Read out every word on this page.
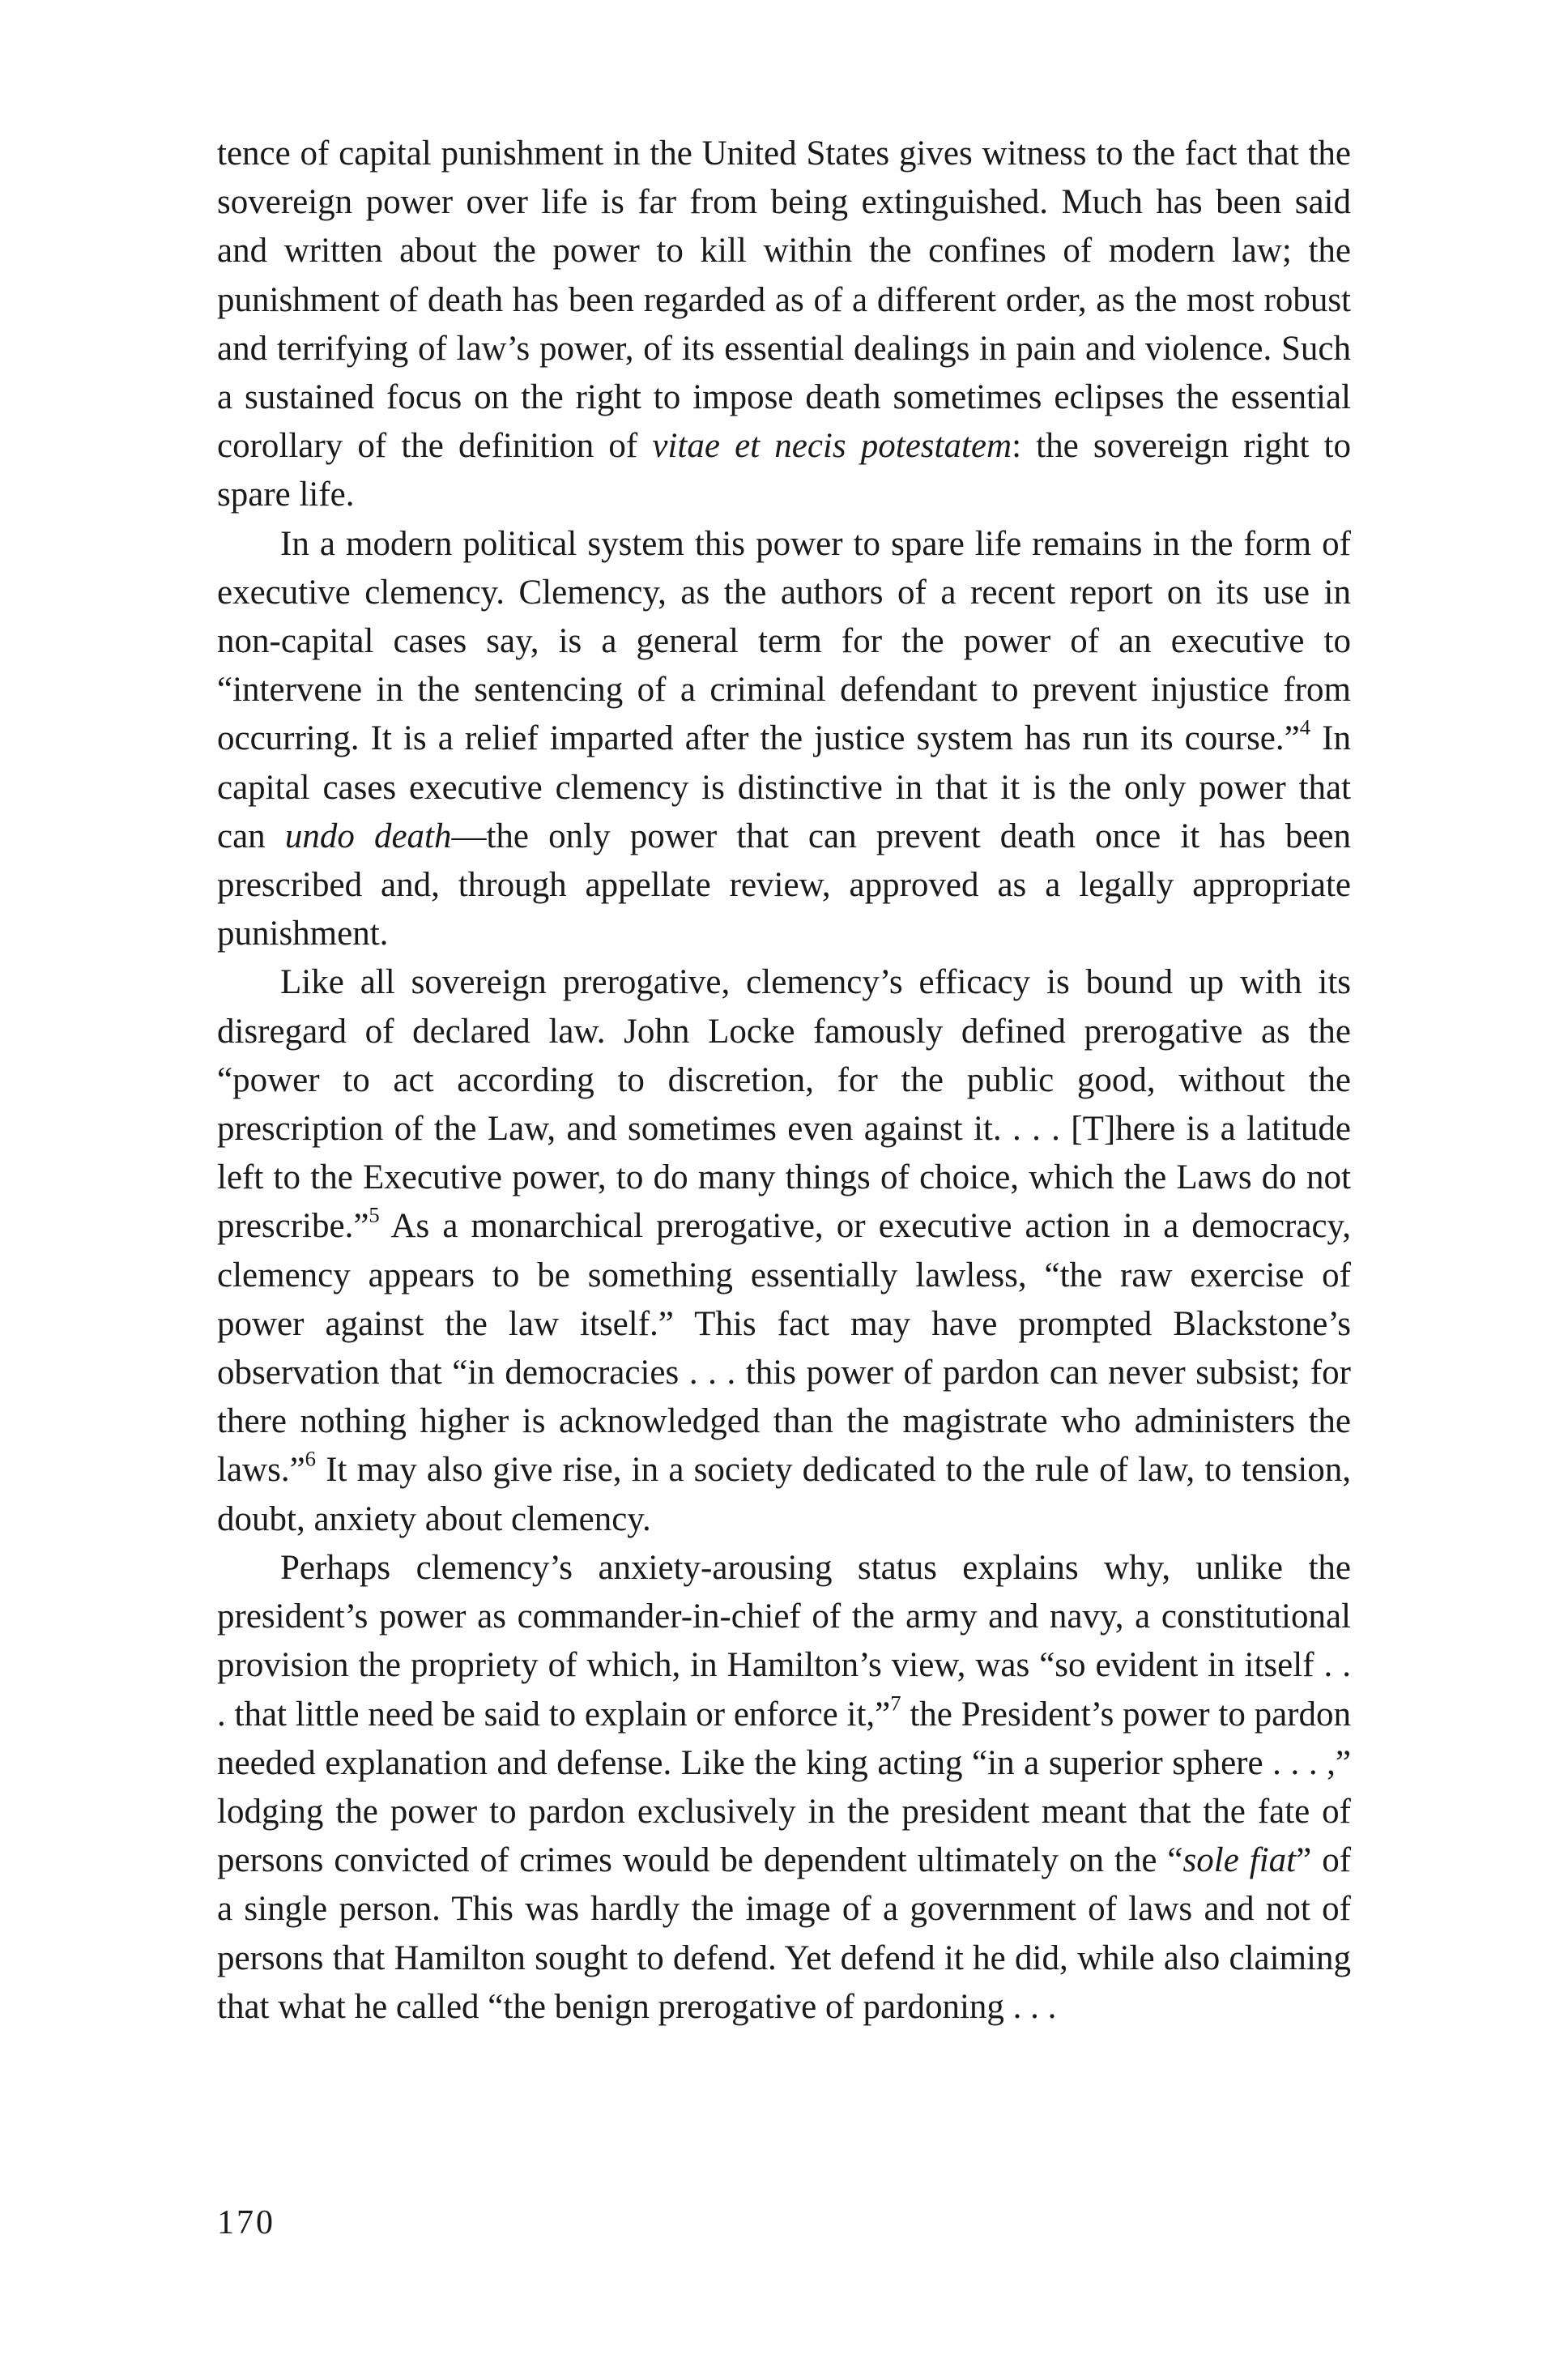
tence of capital punishment in the United States gives witness to the fact that the sovereign power over life is far from being extinguished. Much has been said and written about the power to kill within the confines of modern law; the punishment of death has been regarded as of a different order, as the most robust and terrifying of law’s power, of its essential dealings in pain and violence. Such a sustained focus on the right to impose death sometimes eclipses the essential corollary of the definition of vitae et necis potestatem: the sovereign right to spare life.

In a modern political system this power to spare life remains in the form of executive clemency. Clemency, as the authors of a recent report on its use in non-capital cases say, is a general term for the power of an executive to “intervene in the sentencing of a criminal defendant to prevent injustice from occurring. It is a relief imparted after the justice system has run its course.”$^4$ In capital cases executive clemency is distinctive in that it is the only power that can undo death—the only power that can prevent death once it has been prescribed and, through appellate review, approved as a legally appropriate punishment.

Like all sovereign prerogative, clemency’s efficacy is bound up with its disregard of declared law. John Locke famously defined prerogative as the “power to act according to discretion, for the public good, without the prescription of the Law, and sometimes even against it. . . . [T]here is a latitude left to the Executive power, to do many things of choice, which the Laws do not prescribe.”$^5$ As a monarchical prerogative, or executive action in a democracy, clemency appears to be something essentially lawless, “the raw exercise of power against the law itself.” This fact may have prompted Blackstone’s observation that “in democracies . . . this power of pardon can never subsist; for there nothing higher is acknowledged than the magistrate who administers the laws.”$^6$ It may also give rise, in a society dedicated to the rule of law, to tension, doubt, anxiety about clemency.

Perhaps clemency’s anxiety-arousing status explains why, unlike the president’s power as commander-in-chief of the army and navy, a constitutional provision the propriety of which, in Hamilton’s view, was “so evident in itself . . . that little need be said to explain or enforce it,”$^7$ the President’s power to pardon needed explanation and defense. Like the king acting “in a superior sphere . . . ,” lodging the power to pardon exclusively in the president meant that the fate of persons convicted of crimes would be dependent ultimately on the “sole fiat” of a single person. This was hardly the image of a government of laws and not of persons that Hamilton sought to defend. Yet defend it he did, while also claiming that what he called “the benign prerogative of pardoning . . .

170
